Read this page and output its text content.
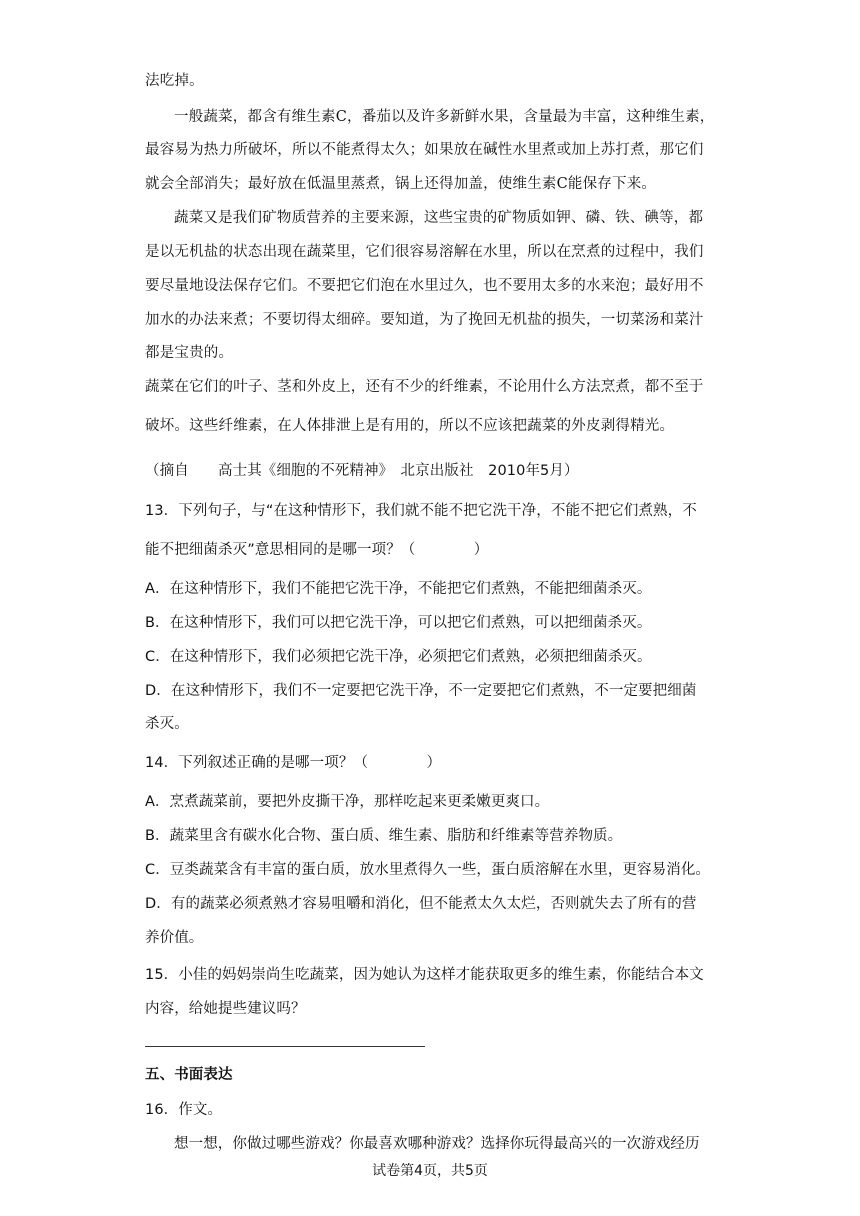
法吃掉。
一般蔬菜，都含有维生素C，番茄以及许多新鲜水果，含量最为丰富，这种维生素，
最容易为热力所破坏，所以不能煮得太久；如果放在碱性水里煮或加上苏打煮，那它们
就会全部消失；最好放在低温里蒸煮，锅上还得加盖，使维生素C能保存下来。
蔬菜又是我们矿物质营养的主要来源，这些宝贵的矿物质如钾、磷、铁、碘等，都
是以无机盐的状态出现在蔬菜里，它们很容易溶解在水里，所以在烹煮的过程中，我们
要尽量地设法保存它们。不要把它们泡在水里过久，也不要用太多的水来泡；最好用不
加水的办法来煮；不要切得太细碎。要知道，为了挽回无机盐的损失，一切菜汤和菜汁
都是宝贵的。
蔬菜在它们的叶子、茎和外皮上，还有不少的纤维素，不论用什么方法烹煮，都不至于
破坏。这些纤维素，在人体排泄上是有用的，所以不应该把蔬菜的外皮剥得精光。
（摘自　　高士其《细胞的不死精神》　北京出版社　2010年5月）
13．下列句子，与“在这种情形下，我们就不能不把它洗干净，不能不把它们煮熟，不
能不把细菌杀灭”意思相同的是哪一项？（　　　　）
A．在这种情形下，我们不能把它洗干净，不能把它们煮熟，不能把细菌杀灭。
B．在这种情形下，我们可以把它洗干净，可以把它们煮熟，可以把细菌杀灭。
C．在这种情形下，我们必须把它洗干净，必须把它们煮熟，必须把细菌杀灭。
D．在这种情形下，我们不一定要把它洗干净，不一定要把它们煮熟，不一定要把细菌
杀灭。
14．下列叙述正确的是哪一项？（　　　　）
A．烹煮蔬菜前，要把外皮撕干净，那样吃起来更柔嫩更爽口。
B．蔬菜里含有碳水化合物、蛋白质、维生素、脂肪和纤维素等营养物质。
C．豆类蔬菜含有丰富的蛋白质，放水里煮得久一些，蛋白质溶解在水里，更容易消化。
D．有的蔬菜必须煮熟才容易咀嚼和消化，但不能煮太久太烂，否则就失去了所有的营
养价值。
15．小佳的妈妈崇尚生吃蔬菜，因为她认为这样才能获取更多的维生素，你能结合本文
内容，给她提些建议吗？
五、书面表达
16．作文。
想一想，你做过哪些游戏？你最喜欢哪种游戏？选择你玩得最高兴的一次游戏经历
试卷第4页，共5页
